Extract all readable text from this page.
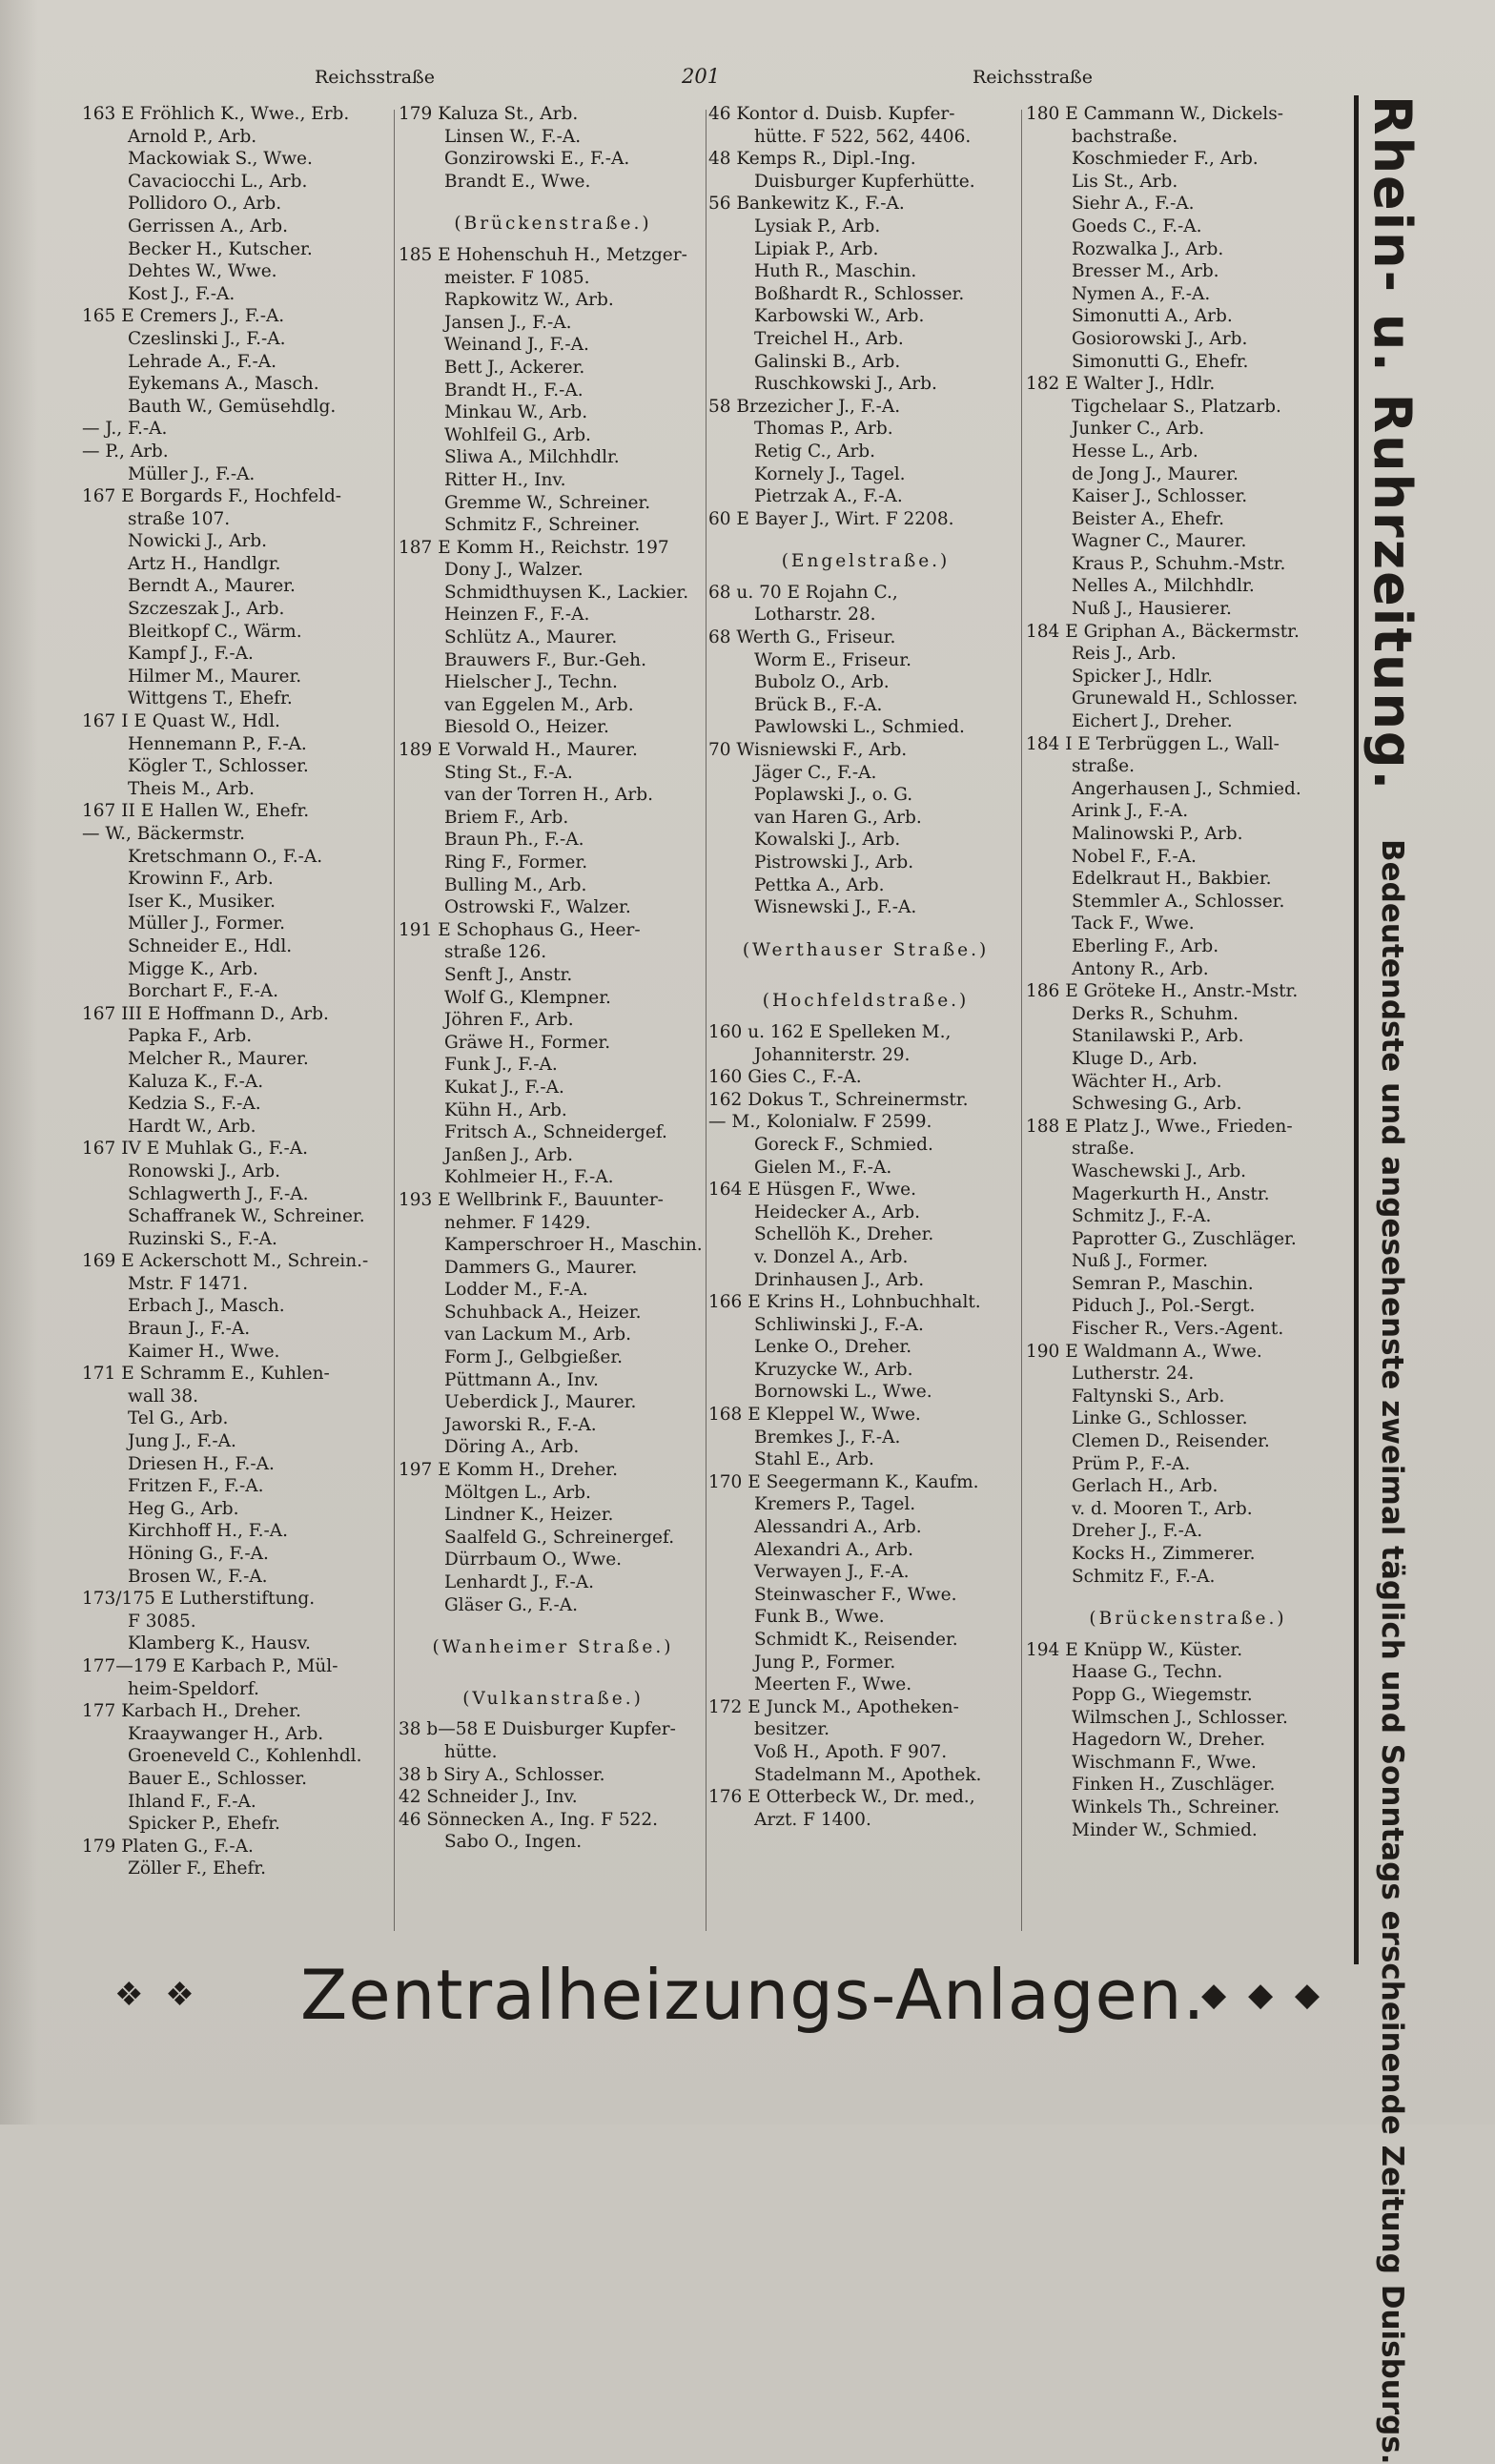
Reichsstraße	201	Reichsstraße
163 E Fröhlich K., Wwe., Erb.
Arnold P., Arb.
Mackowiak S., Wwe.
Cavaciocchi L., Arb.
Pollidoro O., Arb.
Gerrissen A., Arb.
Becker H., Kutscher.
Dehtes W., Wwe.
Kost J., F.-A.
165 E Cremers J., F.-A.
Czeslinski J., F.-A.
Lehrade A., F.-A.
Eykemans A., Masch.
Bauth W., Gemüsehdlg.
— J., F.-A.
— P., Arb.
Müller J., F.-A.
167 E Borgards F., Hochfeld-
straße 107.
Nowicki J., Arb.
Artz H., Handlgr.
Berndt A., Maurer.
Szczeszak J., Arb.
Bleitkopf C., Wärm.
Kampf J., F.-A.
Hilmer M., Maurer.
Wittgens T., Ehefr.
167 I E Quast W., Hdl.
Hennemann P., F.-A.
Kögler T., Schlosser.
Theis M., Arb.
167 II E Hallen W., Ehefr.
— W., Bäckermstr.
Kretschmann O., F.-A.
Krowinn F., Arb.
Iser K., Musiker.
Müller J., Former.
Schneider E., Hdl.
Migge K., Arb.
Borchart F., F.-A.
167 III E Hoffmann D., Arb.
Papka F., Arb.
Melcher R., Maurer.
Kaluza K., F.-A.
Kedzia S., F.-A.
Hardt W., Arb.
167 IV E Muhlak G., F.-A.
Ronowski J., Arb.
Schlagwerth J., F.-A.
Schaffranek W., Schreiner.
Ruzinski S., F.-A.
169 E Ackerschott M., Schrein.-
Mstr. F 1471.
Erbach J., Masch.
Braun J., F.-A.
Kaimer H., Wwe.
171 E Schramm E., Kuhlen-
wall 38.
Tel G., Arb.
Jung J., F.-A.
Driesen H., F.-A.
Fritzen F., F.-A.
Heg G., Arb.
Kirchhoff H., F.-A.
Höning G., F.-A.
Brosen W., F.-A.
173/175 E Lutherstiftung.
F 3085.
Klamberg K., Hausv.
177—179 E Karbach P., Mül-
heim-Speldorf.
177 Karbach H., Dreher.
Kraaywanger H., Arb.
Groeneveld C., Kohlenhdl.
Bauer E., Schlosser.
Ihland F., F.-A.
Spicker P., Ehefr.
179 Platen G., F.-A.
Zöller F., Ehefr.
179 Kaluza St., Arb.
Linsen W., F.-A.
Gonzirowski E., F.-A.
Brandt E., Wwe.
(Brückenstraße.)
185 E Hohenschuh H., Metzger-
meister. F 1085.
Rapkowitz W., Arb.
Jansen J., F.-A.
Weinand J., F.-A.
Bett J., Ackerer.
Brandt H., F.-A.
Minkau W., Arb.
Wohlfeil G., Arb.
Sliwa A., Milchhdlr.
Ritter H., Inv.
Gremme W., Schreiner.
Schmitz F., Schreiner.
187 E Komm H., Reichstr. 197
Dony J., Walzer.
Schmidthuysen K., Lackier.
Heinzen F., F.-A.
Schlütz A., Maurer.
Brauwers F., Bur.-Geh.
Hielscher J., Techn.
van Eggelen M., Arb.
Biesold O., Heizer.
189 E Vorwald H., Maurer.
Sting St., F.-A.
van der Torren H., Arb.
Briem F., Arb.
Braun Ph., F.-A.
Ring F., Former.
Bulling M., Arb.
Ostrowski F., Walzer.
191 E Schophaus G., Heer-
straße 126.
Senft J., Anstr.
Wolf G., Klempner.
Jöhren F., Arb.
Gräwe H., Former.
Funk J., F.-A.
Kukat J., F.-A.
Kühn H., Arb.
Fritsch A., Schneidergef.
Janßen J., Arb.
Kohlmeier H., F.-A.
193 E Wellbrink F., Bauunter-
nehmer. F 1429.
Kamperschroer H., Maschin.
Dammers G., Maurer.
Lodder M., F.-A.
Schuhback A., Heizer.
van Lackum M., Arb.
Form J., Gelbgießer.
Püttmann A., Inv.
Ueberdick J., Maurer.
Jaworski R., F.-A.
Döring A., Arb.
197 E Komm H., Dreher.
Möltgen L., Arb.
Lindner K., Heizer.
Saalfeld G., Schreinergef.
Dürrbaum O., Wwe.
Lenhardt J., F.-A.
Gläser G., F.-A.
(Wanheimer Straße.)
(Vulkanstraße.)
38 b—58 E Duisburger Kupfer-
hütte.
38 b Siry A., Schlosser.
42 Schneider J., Inv.
46 Sönnecken A., Ing. F 522.
Sabo O., Ingen.
46 Kontor d. Duisb. Kupfer-
hütte. F 522, 562, 4406.
48 Kemps R., Dipl.-Ing.
Duisburger Kupferhütte.
56 Bankewitz K., F.-A.
Lysiak P., Arb.
Lipiak P., Arb.
Huth R., Maschin.
Boßhardt R., Schlosser.
Karbowski W., Arb.
Treichel H., Arb.
Galinski B., Arb.
Ruschkowski J., Arb.
58 Brzezicher J., F.-A.
Thomas P., Arb.
Retig C., Arb.
Kornely J., Tagel.
Pietrzak A., F.-A.
60 E Bayer J., Wirt. F 2208.
(Engelstraße.)
68 u. 70 E Rojahn C.,
Lotharstr. 28.
68 Werth G., Friseur.
Worm E., Friseur.
Bubolz O., Arb.
Brück B., F.-A.
Pawlowski L., Schmied.
70 Wisniewski F., Arb.
Jäger C., F.-A.
Poplawski J., o. G.
van Haren G., Arb.
Kowalski J., Arb.
Pistrowski J., Arb.
Pettka A., Arb.
Wisnewski J., F.-A.
(Werthauser Straße.)
(Hochfeldstraße.)
160 u. 162 E Spelleken M.,
Johanniterstr. 29.
160 Gies C., F.-A.
162 Dokus T., Schreinermstr.
— M., Kolonialw. F 2599.
Goreck F., Schmied.
Gielen M., F.-A.
164 E Hüsgen F., Wwe.
Heidecker A., Arb.
Schellöh K., Dreher.
v. Donzel A., Arb.
Drinhausen J., Arb.
166 E Krins H., Lohnbuchhalt.
Schliwinski J., F.-A.
Lenke O., Dreher.
Kruzycke W., Arb.
Bornowski L., Wwe.
168 E Kleppel W., Wwe.
Bremkes J., F.-A.
Stahl E., Arb.
170 E Seegermann K., Kaufm.
Kremers P., Tagel.
Alessandri A., Arb.
Alexandri A., Arb.
Verwayen J., F.-A.
Steinwascher F., Wwe.
Funk B., Wwe.
Schmidt K., Reisender.
Jung P., Former.
Meerten F., Wwe.
172 E Junck M., Apotheken-
besitzer.
Voß H., Apoth. F 907.
Stadelmann M., Apothek.
176 E Otterbeck W., Dr. med.,
Arzt. F 1400.
180 E Cammann W., Dickels-
bachstraße.
Koschmieder F., Arb.
Lis St., Arb.
Siehr A., F.-A.
Goeds C., F.-A.
Rozwalka J., Arb.
Bresser M., Arb.
Nymen A., F.-A.
Simonutti A., Arb.
Gosiorowski J., Arb.
Simonutti G., Ehefr.
182 E Walter J., Hdlr.
Tigchelaar S., Platzarb.
Junker C., Arb.
Hesse L., Arb.
de Jong J., Maurer.
Kaiser J., Schlosser.
Beister A., Ehefr.
Wagner C., Maurer.
Kraus P., Schuhm.-Mstr.
Nelles A., Milchhdlr.
Nuß J., Hausierer.
184 E Griphan A., Bäckermstr.
Reis J., Arb.
Spicker J., Hdlr.
Grunewald H., Schlosser.
Eichert J., Dreher.
184 I E Terbrüggen L., Wall-
straße.
Angerhausen J., Schmied.
Arink J., F.-A.
Malinowski P., Arb.
Nobel F., F.-A.
Edelkraut H., Bakbier.
Stemmler A., Schlosser.
Tack F., Wwe.
Eberling F., Arb.
Antony R., Arb.
186 E Gröteke H., Anstr.-Mstr.
Derks R., Schuhm.
Stanilawski P., Arb.
Kluge D., Arb.
Wächter H., Arb.
Schwesing G., Arb.
188 E Platz J., Wwe., Frieden-
straße.
Waschewski J., Arb.
Magerkurth H., Anstr.
Schmitz J., F.-A.
Paprotter G., Zuschläger.
Nuß J., Former.
Semran P., Maschin.
Piduch J., Pol.-Sergt.
Fischer R., Vers.-Agent.
190 E Waldmann A., Wwe.
Lutherstr. 24.
Faltynski S., Arb.
Linke G., Schlosser.
Clemen D., Reisender.
Prüm P., F.-A.
Gerlach H., Arb.
v. d. Mooren T., Arb.
Dreher J., F.-A.
Kocks H., Zimmerer.
Schmitz F., F.-A.
(Brückenstraße.)
194 E Knüpp W., Küster.
Haase G., Techn.
Popp G., Wiegemstr.
Wilmschen J., Schlosser.
Hagedorn W., Dreher.
Wischmann F., Wwe.
Finken H., Zuschläger.
Winkels Th., Schreiner.
Minder W., Schmied.
Rhein- u. Ruhrzeitung. Bedeutendste und angesehenste zweimal täglich und Sonntags erscheinende Zeitung Duisburgs.
❖ ❖ Zentralheizungs-Anlagen.
◆ ◆ ◆
